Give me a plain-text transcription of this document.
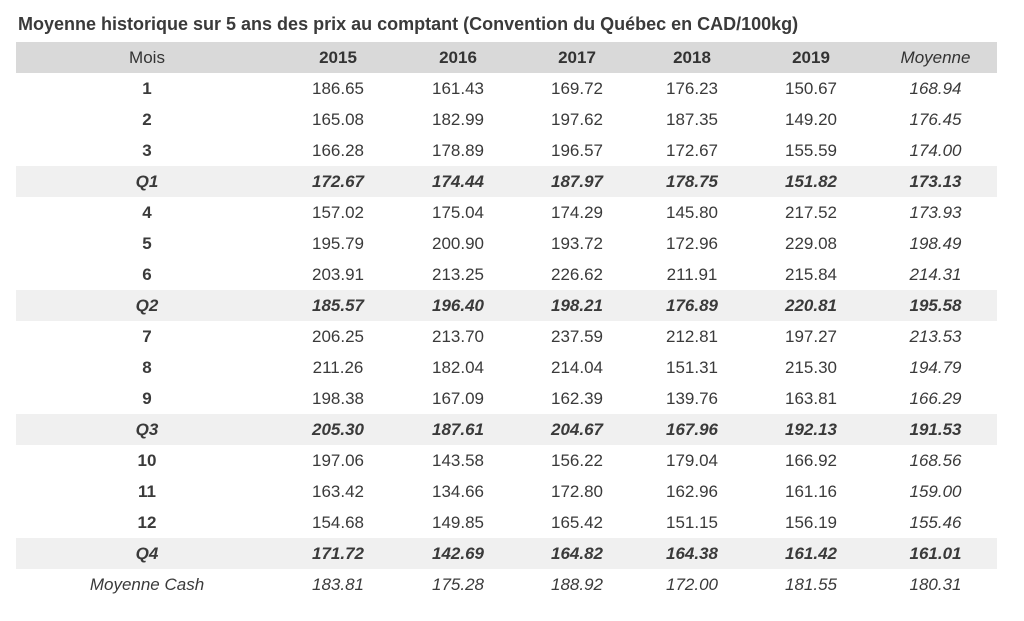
Moyenne historique sur 5 ans des prix au comptant (Convention du Québec en CAD/100kg)
Mois	2015	2016	2017	2018	2019	Moyenne
1	186.65	161.43	169.72	176.23	150.67	168.94
2	165.08	182.99	197.62	187.35	149.20	176.45
3	166.28	178.89	196.57	172.67	155.59	174.00
Q1	172.67	174.44	187.97	178.75	151.82	173.13
4	157.02	175.04	174.29	145.80	217.52	173.93
5	195.79	200.90	193.72	172.96	229.08	198.49
6	203.91	213.25	226.62	211.91	215.84	214.31
Q2	185.57	196.40	198.21	176.89	220.81	195.58
7	206.25	213.70	237.59	212.81	197.27	213.53
8	211.26	182.04	214.04	151.31	215.30	194.79
9	198.38	167.09	162.39	139.76	163.81	166.29
Q3	205.30	187.61	204.67	167.96	192.13	191.53
10	197.06	143.58	156.22	179.04	166.92	168.56
11	163.42	134.66	172.80	162.96	161.16	159.00
12	154.68	149.85	165.42	151.15	156.19	155.46
Q4	171.72	142.69	164.82	164.38	161.42	161.01
Moyenne Cash	183.81	175.28	188.92	172.00	181.55	180.31
